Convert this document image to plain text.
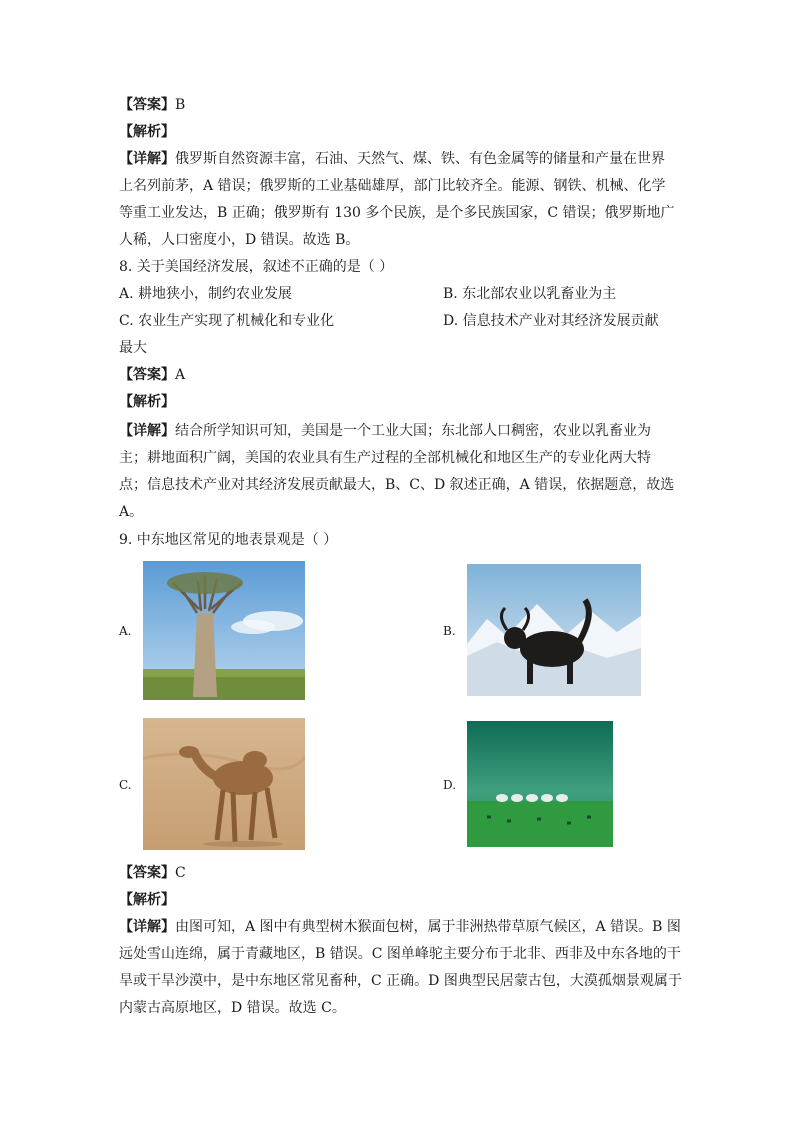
【答案】B

【解析】

【详解】俄罗斯自然资源丰富，石油、天然气、煤、铁、有色金属等的储量和产量在世界

上名列前茅，A 错误；俄罗斯的工业基础雄厚，部门比较齐全。能源、钢铁、机械、化学

等重工业发达，B 正确；俄罗斯有 130 多个民族，是个多民族国家，C 错误；俄罗斯地广

人稀，人口密度小，D 错误。故选 B。

8. 关于美国经济发展，叙述不正确的是（ ）

A. 耕地狭小，制约农业发展	B. 东北部农业以乳畜业为主

C. 农业生产实现了机械化和专业化	D. 信息技术产业对其经济发展贡献

最大

【答案】A

【解析】

【详解】结合所学知识可知，美国是一个工业大国；东北部人口稠密，农业以乳畜业为

主；耕地面积广阔，美国的农业具有生产过程的全部机械化和地区生产的专业化两大特

点；信息技术产业对其经济发展贡献最大，B、C、D 叙述正确，A 错误，依据题意，故选

A。

9. 中东地区常见的地表景观是（ ）

A.	B.
C.	D.

【答案】C

【解析】

【详解】由图可知，A 图中有典型树木猴面包树，属于非洲热带草原气候区，A 错误。B 图

远处雪山连绵，属于青藏地区，B 错误。C 图单峰驼主要分布于北非、西非及中东各地的干

旱或干旱沙漠中，是中东地区常见畜种，C 正确。D 图典型民居蒙古包，大漠孤烟景观属于

内蒙古高原地区，D 错误。故选 C。
